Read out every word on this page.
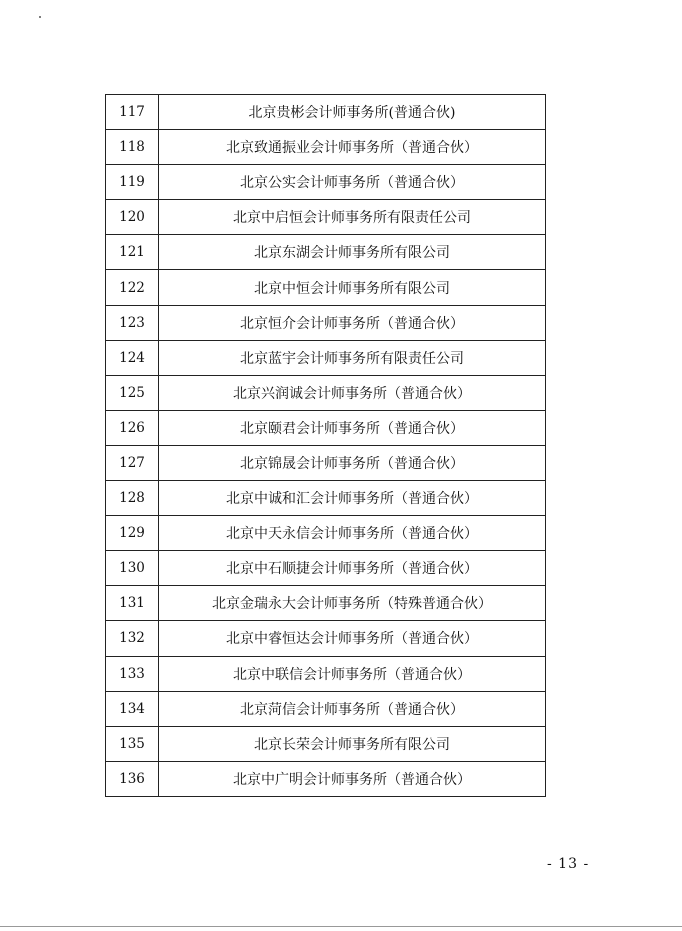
117	北京贵彬会计师事务所(普通合伙)
118	北京致通振业会计师事务所（普通合伙）
119	北京公实会计师事务所（普通合伙）
120	北京中启恒会计师事务所有限责任公司
121	北京东湖会计师事务所有限公司
122	北京中恒会计师事务所有限公司
123	北京恒介会计师事务所（普通合伙）
124	北京蓝宇会计师事务所有限责任公司
125	北京兴润诚会计师事务所（普通合伙）
126	北京颐君会计师事务所（普通合伙）
127	北京锦晟会计师事务所（普通合伙）
128	北京中诚和汇会计师事务所（普通合伙）
129	北京中天永信会计师事务所（普通合伙）
130	北京中石顺捷会计师事务所（普通合伙）
131	北京金瑞永大会计师事务所（特殊普通合伙）
132	北京中睿恒达会计师事务所（普通合伙）
133	北京中联信会计师事务所（普通合伙）
134	北京菏信会计师事务所（普通合伙）
135	北京长荣会计师事务所有限公司
136	北京中广明会计师事务所（普通合伙）
- 13 -
